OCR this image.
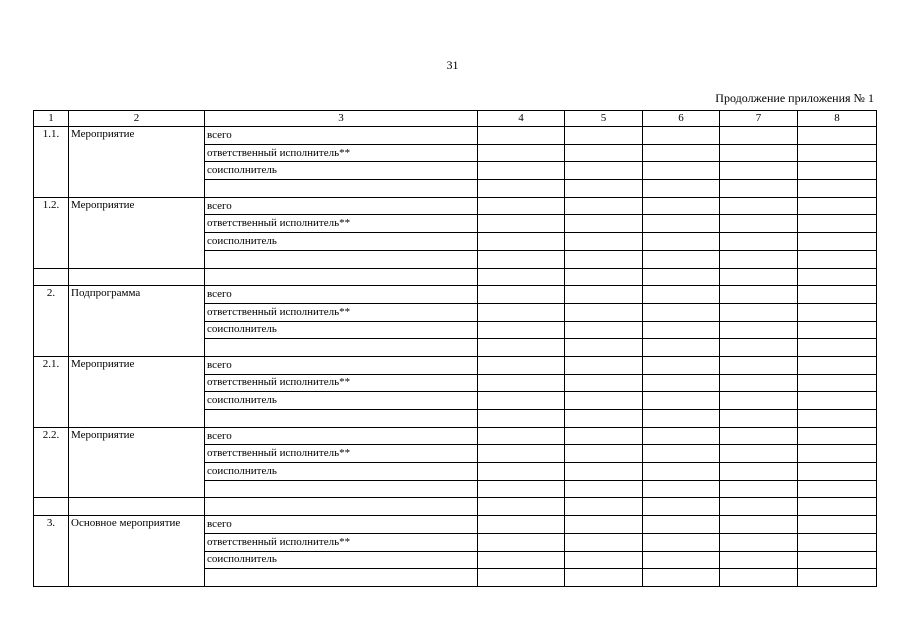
31
Продолжение приложения № 1
1	2	3	4	5	6	7	8
1.1.	Мероприятие	всего					
		ответственный исполнитель**					
		соисполнитель					

1.2.	Мероприятие	всего					
		ответственный исполнитель**					
		соисполнитель					

2.	Подпрограмма	всего					
		ответственный исполнитель**					
		соисполнитель					

2.1.	Мероприятие	всего					
		ответственный исполнитель**					
		соисполнитель					

2.2.	Мероприятие	всего					
		ответственный исполнитель**					
		соисполнитель					

3.	Основное мероприятие	всего					
		ответственный исполнитель**					
		соисполнитель					
